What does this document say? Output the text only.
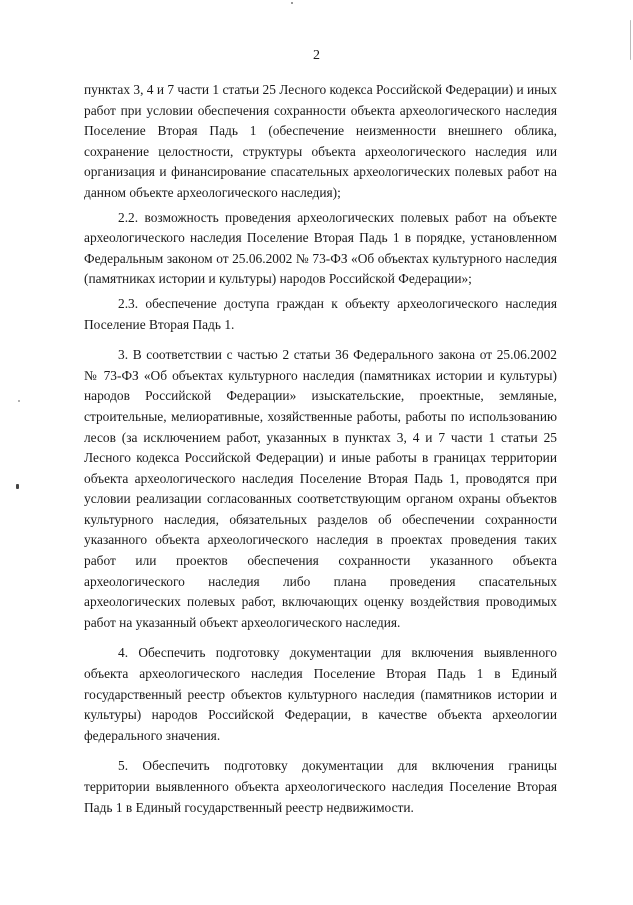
2

пунктах 3, 4 и 7 части 1 статьи 25 Лесного кодекса Российской Федерации) и иных работ при условии обеспечения сохранности объекта археологического наследия Поселение Вторая Падь 1 (обеспечение неизменности внешнего облика, сохранение целостности, структуры объекта археологического наследия или организация и финансирование спасательных археологических полевых работ на данном объекте археологического наследия);

2.2. возможность проведения археологических полевых работ на объекте археологического наследия Поселение Вторая Падь 1 в порядке, установленном Федеральным законом от 25.06.2002 № 73-ФЗ «Об объектах культурного наследия (памятниках истории и культуры) народов Российской Федерации»;

2.3. обеспечение доступа граждан к объекту археологического наследия Поселение Вторая Падь 1.

3. В соответствии с частью 2 статьи 36 Федерального закона от 25.06.2002 № 73-ФЗ «Об объектах культурного наследия (памятниках истории и культуры) народов Российской Федерации» изыскательские, проектные, земляные, строительные, мелиоративные, хозяйственные работы, работы по использованию лесов (за исключением работ, указанных в пунктах 3, 4 и 7 части 1 статьи 25 Лесного кодекса Российской Федерации) и иные работы в границах территории объекта археологического наследия Поселение Вторая Падь 1, проводятся при условии реализации согласованных соответствующим органом охраны объектов культурного наследия, обязательных разделов об обеспечении сохранности указанного объекта археологического наследия в проектах проведения таких работ или проектов обеспечения сохранности указанного объекта археологического наследия либо плана проведения спасательных археологических полевых работ, включающих оценку воздействия проводимых работ на указанный объект археологического наследия.

4. Обеспечить подготовку документации для включения выявленного объекта археологического наследия Поселение Вторая Падь 1 в Единый государственный реестр объектов культурного наследия (памятников истории и культуры) народов Российской Федерации, в качестве объекта археологии федерального значения.

5. Обеспечить подготовку документации для включения границы территории выявленного объекта археологического наследия Поселение Вторая Падь 1 в Единый государственный реестр недвижимости.
